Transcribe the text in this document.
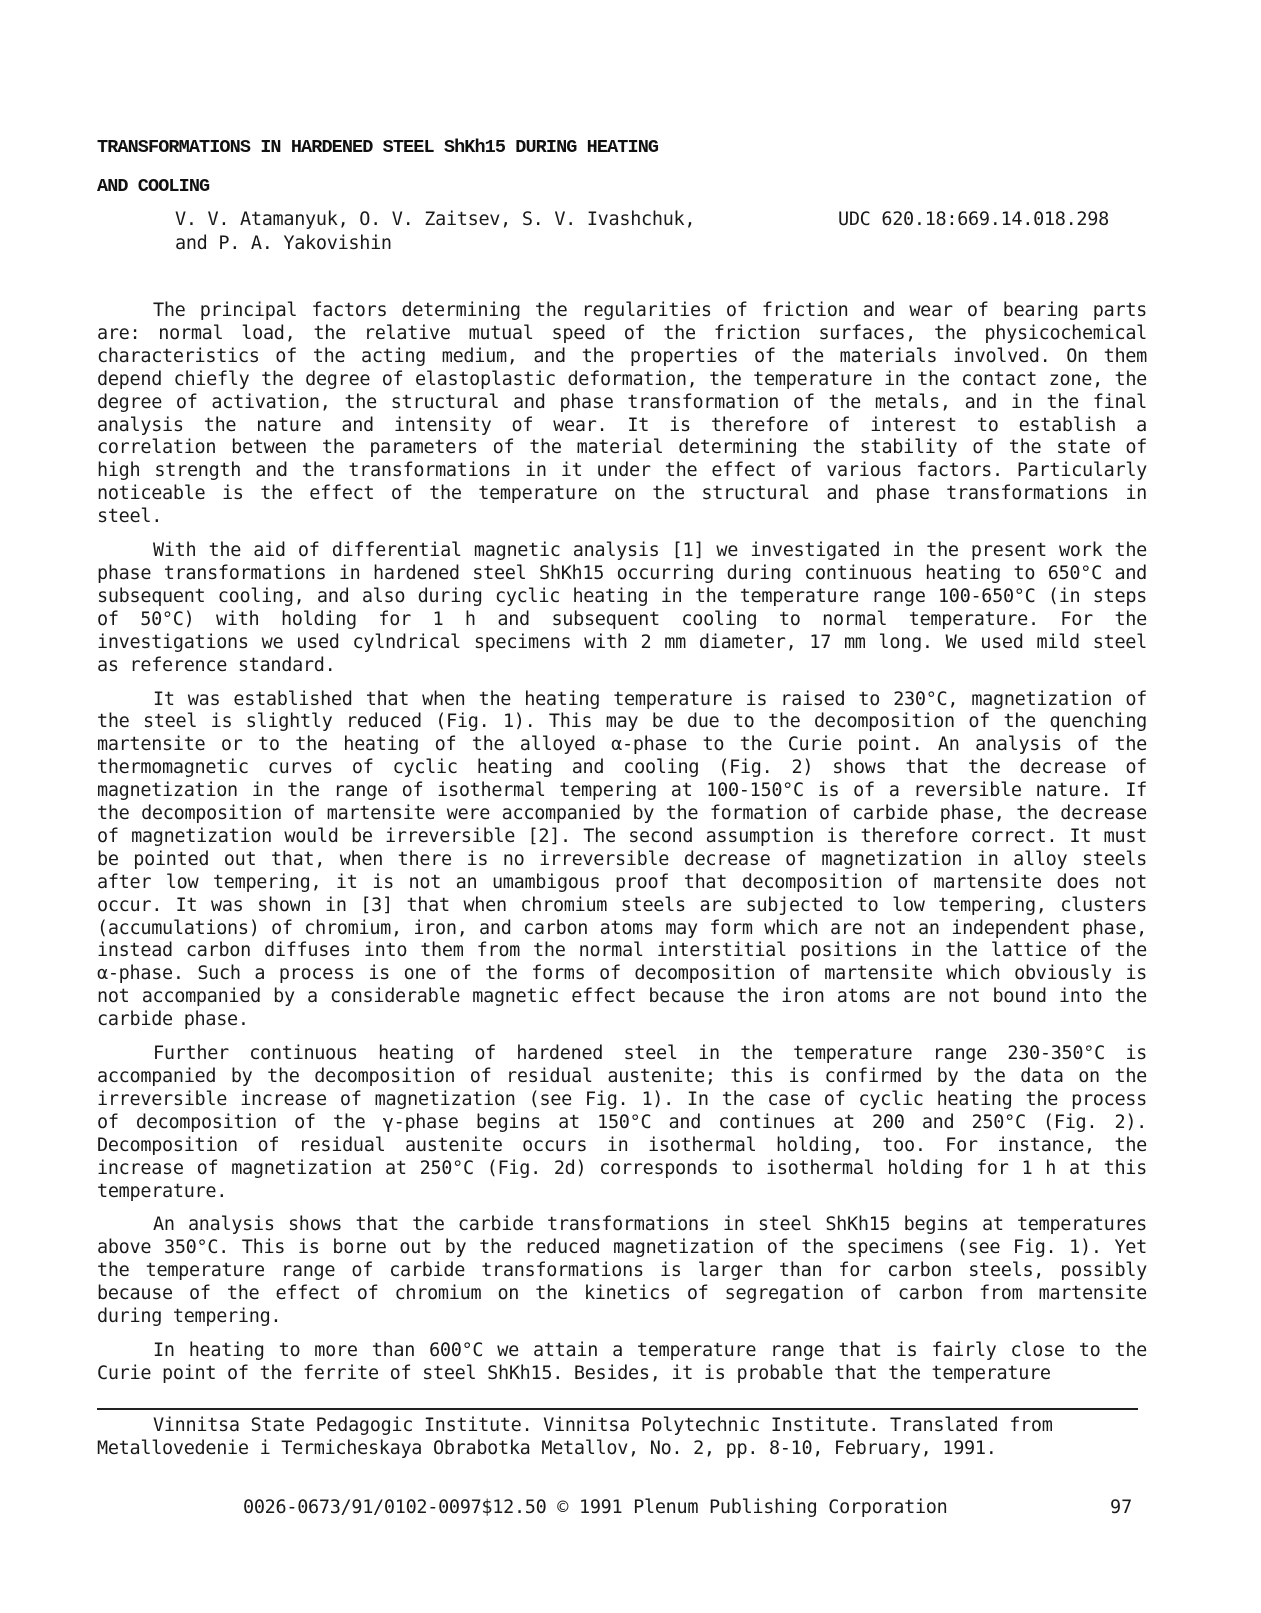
TRANSFORMATIONS IN HARDENED STEEL ShKh15 DURING HEATING
AND COOLING
V. V. Atamanyuk, O. V. Zaitsev, S. V. Ivashchuk,
and P. A. Yakovishin
UDC 620.18:669.14.018.298

The principal factors determining the regularities of friction and wear of bearing parts are: normal load, the relative mutual speed of the friction surfaces, the physicochemical characteristics of the acting medium, and the properties of the materials involved. On them depend chiefly the degree of elastoplastic deformation, the temperature in the contact zone, the degree of activation, the structural and phase transformation of the metals, and in the final analysis the nature and intensity of wear. It is therefore of interest to establish a correlation between the parameters of the material determining the stability of the state of high strength and the transformations in it under the effect of various factors. Particularly noticeable is the effect of the temperature on the structural and phase transformations in steel.

With the aid of differential magnetic analysis [1] we investigated in the present work the phase transformations in hardened steel ShKh15 occurring during continuous heating to 650°C and subsequent cooling, and also during cyclic heating in the temperature range 100-650°C (in steps of 50°C) with holding for 1 h and subsequent cooling to normal temperature. For the investigations we used cylndrical specimens with 2 mm diameter, 17 mm long. We used mild steel as reference standard.

It was established that when the heating temperature is raised to 230°C, magnetization of the steel is slightly reduced (Fig. 1). This may be due to the decomposition of the quenching martensite or to the heating of the alloyed α-phase to the Curie point. An analysis of the thermomagnetic curves of cyclic heating and cooling (Fig. 2) shows that the decrease of magnetization in the range of isothermal tempering at 100-150°C is of a reversible nature. If the decomposition of martensite were accompanied by the formation of carbide phase, the decrease of magnetization would be irreversible [2]. The second assumption is therefore correct. It must be pointed out that, when there is no irreversible decrease of magnetization in alloy steels after low tempering, it is not an umambigous proof that decomposition of martensite does not occur. It was shown in [3] that when chromium steels are subjected to low tempering, clusters (accumulations) of chromium, iron, and carbon atoms may form which are not an independent phase, instead carbon diffuses into them from the normal interstitial positions in the lattice of the α-phase. Such a process is one of the forms of decomposition of martensite which obviously is not accompanied by a considerable magnetic effect because the iron atoms are not bound into the carbide phase.

Further continuous heating of hardened steel in the temperature range 230-350°C is accompanied by the decomposition of residual austenite; this is confirmed by the data on the irreversible increase of magnetization (see Fig. 1). In the case of cyclic heating the process of decomposition of the γ-phase begins at 150°C and continues at 200 and 250°C (Fig. 2). Decomposition of residual austenite occurs in isothermal holding, too. For instance, the increase of magnetization at 250°C (Fig. 2d) corresponds to isothermal holding for 1 h at this temperature.

An analysis shows that the carbide transformations in steel ShKh15 begins at temperatures above 350°C. This is borne out by the reduced magnetization of the specimens (see Fig. 1). Yet the temperature range of carbide transformations is larger than for carbon steels, possibly because of the effect of chromium on the kinetics of segregation of carbon from martensite during tempering.

In heating to more than 600°C we attain a temperature range that is fairly close to the Curie point of the ferrite of steel ShKh15. Besides, it is probable that the temperature

Vinnitsa State Pedagogic Institute. Vinnitsa Polytechnic Institute. Translated from
Metallovedenie i Termicheskaya Obrabotka Metallov, No. 2, pp. 8-10, February, 1991.
0026-0673/91/0102-0097$12.50 © 1991 Plenum Publishing Corporation	97
